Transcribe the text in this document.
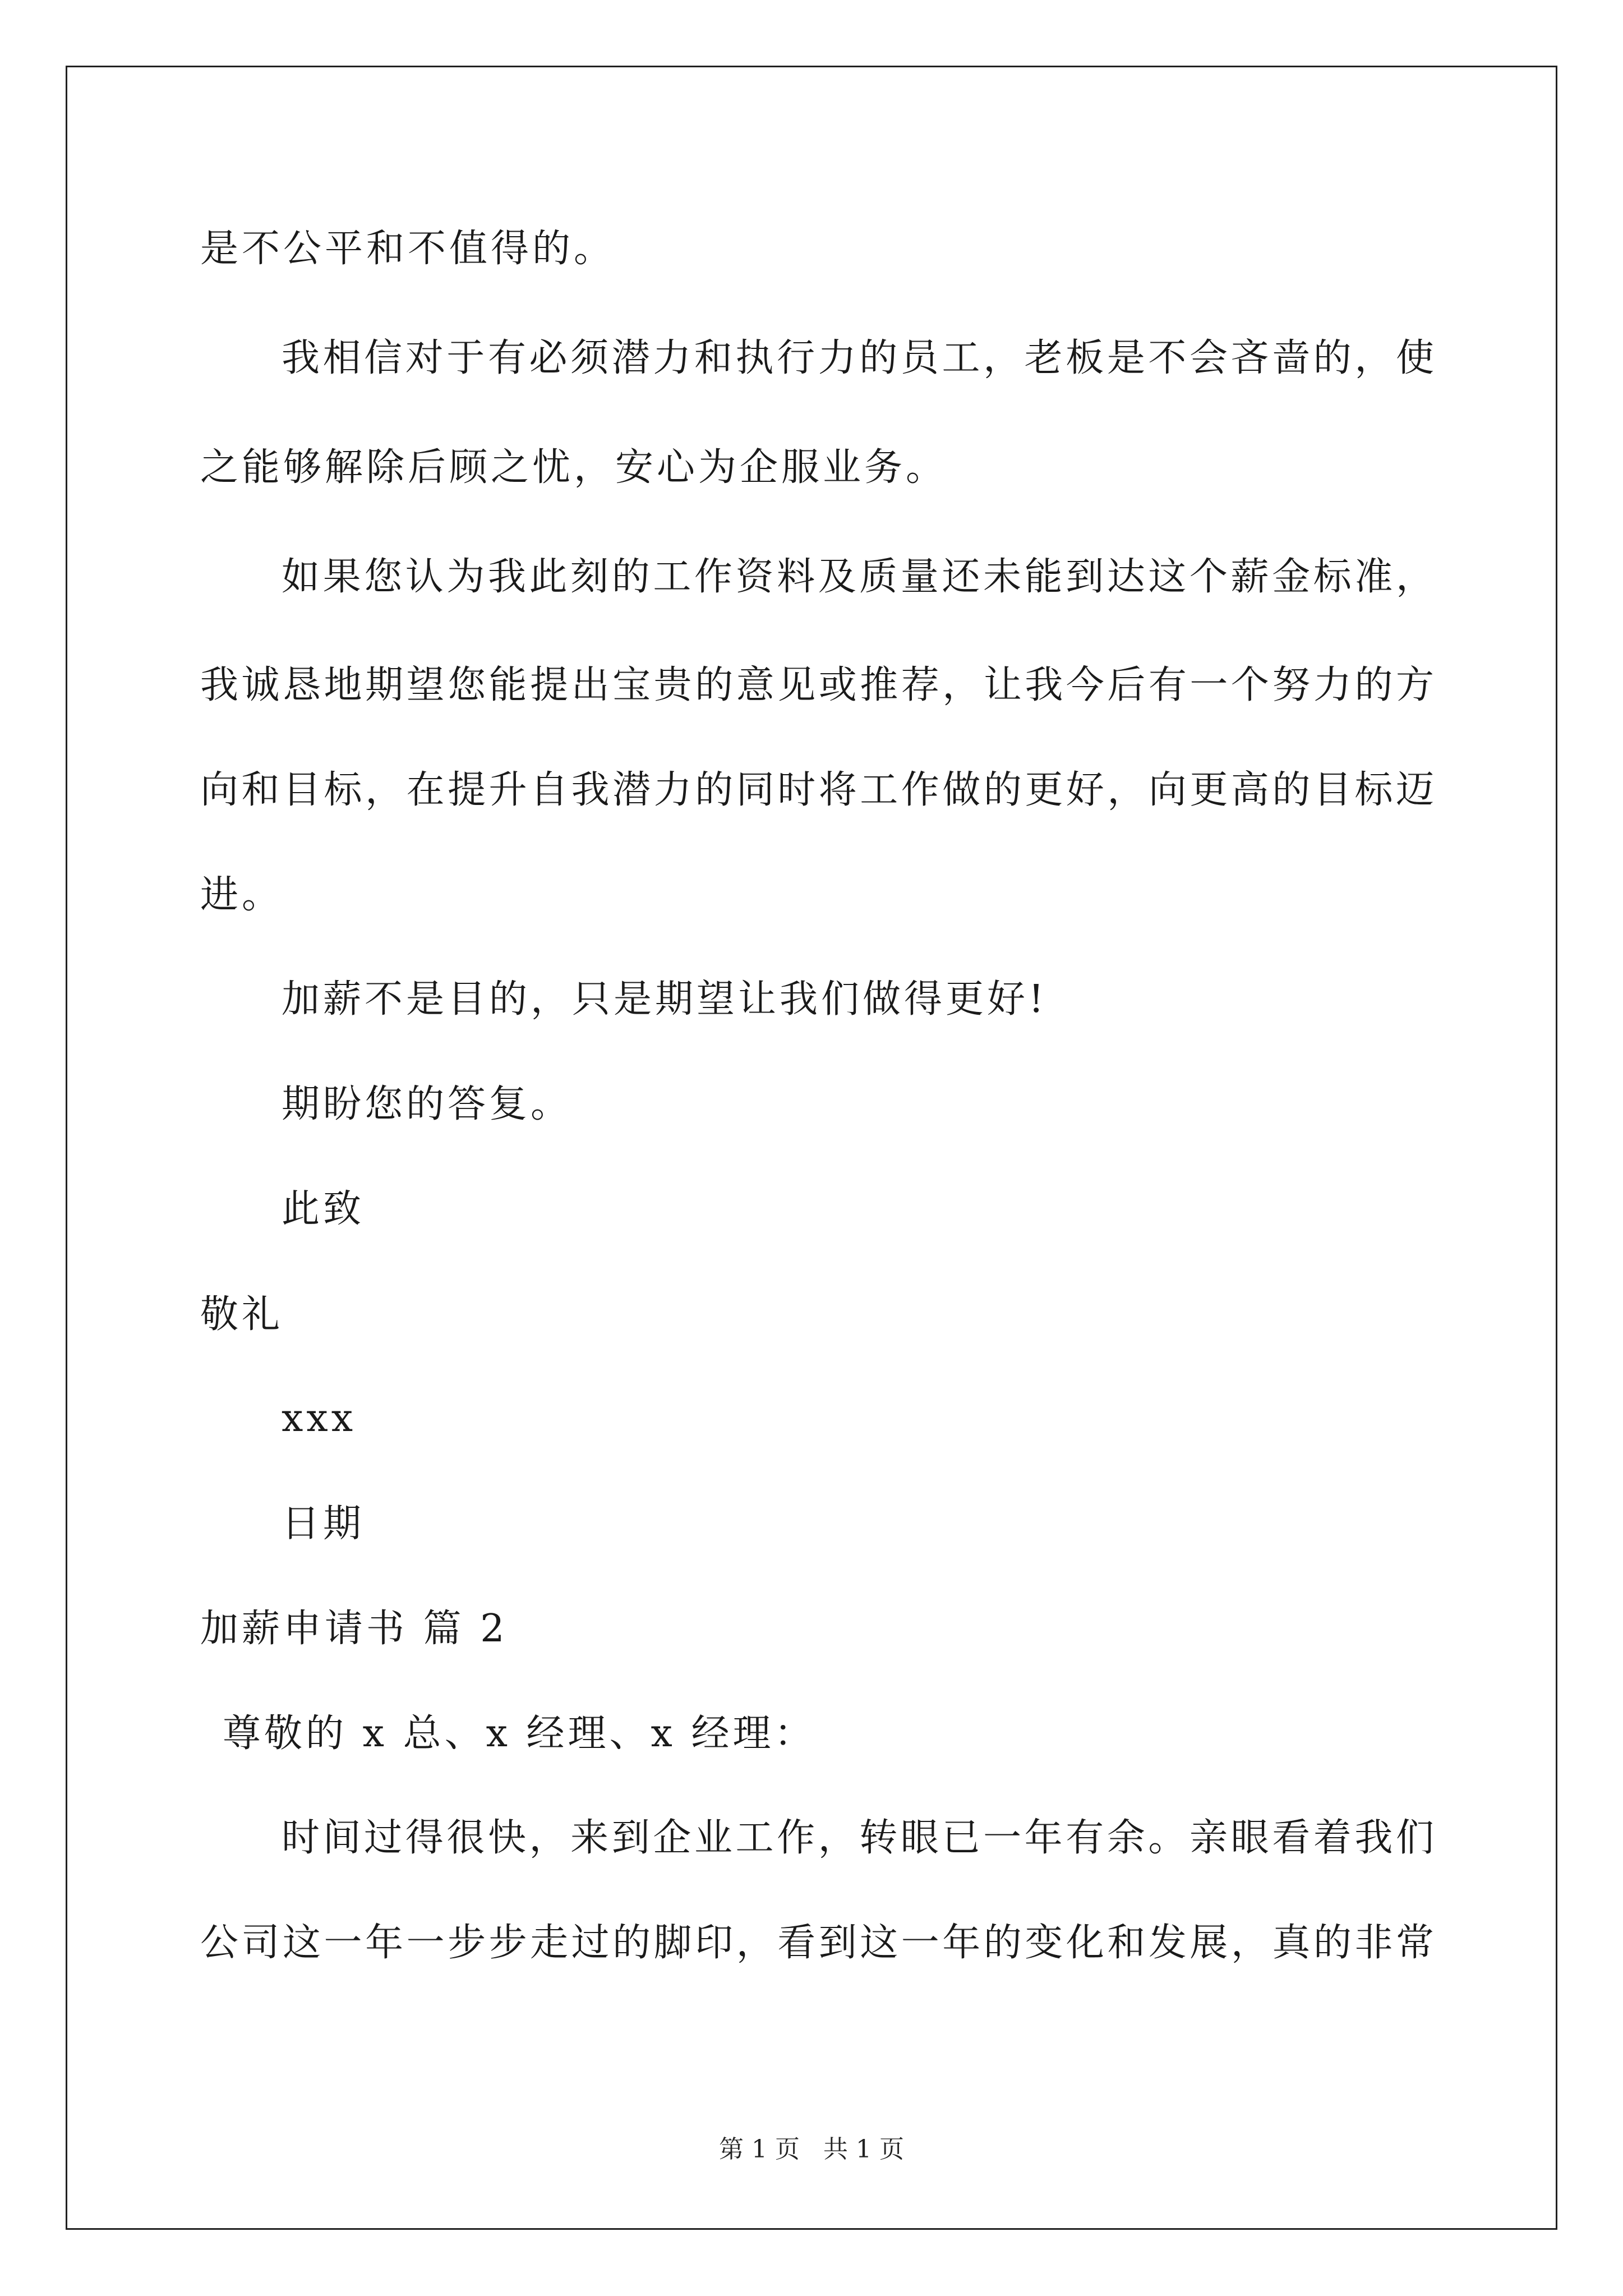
是不公平和不值得的。
我相信对于有必须潜力和执行力的员工，老板是不会吝啬的，使
之能够解除后顾之忧，安心为企服业务。
如果您认为我此刻的工作资料及质量还未能到达这个薪金标准，
我诚恳地期望您能提出宝贵的意见或推荐，让我今后有一个努力的方
向和目标，在提升自我潜力的同时将工作做的更好，向更高的目标迈
进。
加薪不是目的，只是期望让我们做得更好!
期盼您的答复。
此致
敬礼
xxx
日期
加薪申请书 篇 2
尊敬的 x 总、x 经理、x 经理：
时间过得很快，来到企业工作，转眼已一年有余。亲眼看着我们
公司这一年一步步走过的脚印，看到这一年的变化和发展，真的非常
第 1 页   共 1 页
